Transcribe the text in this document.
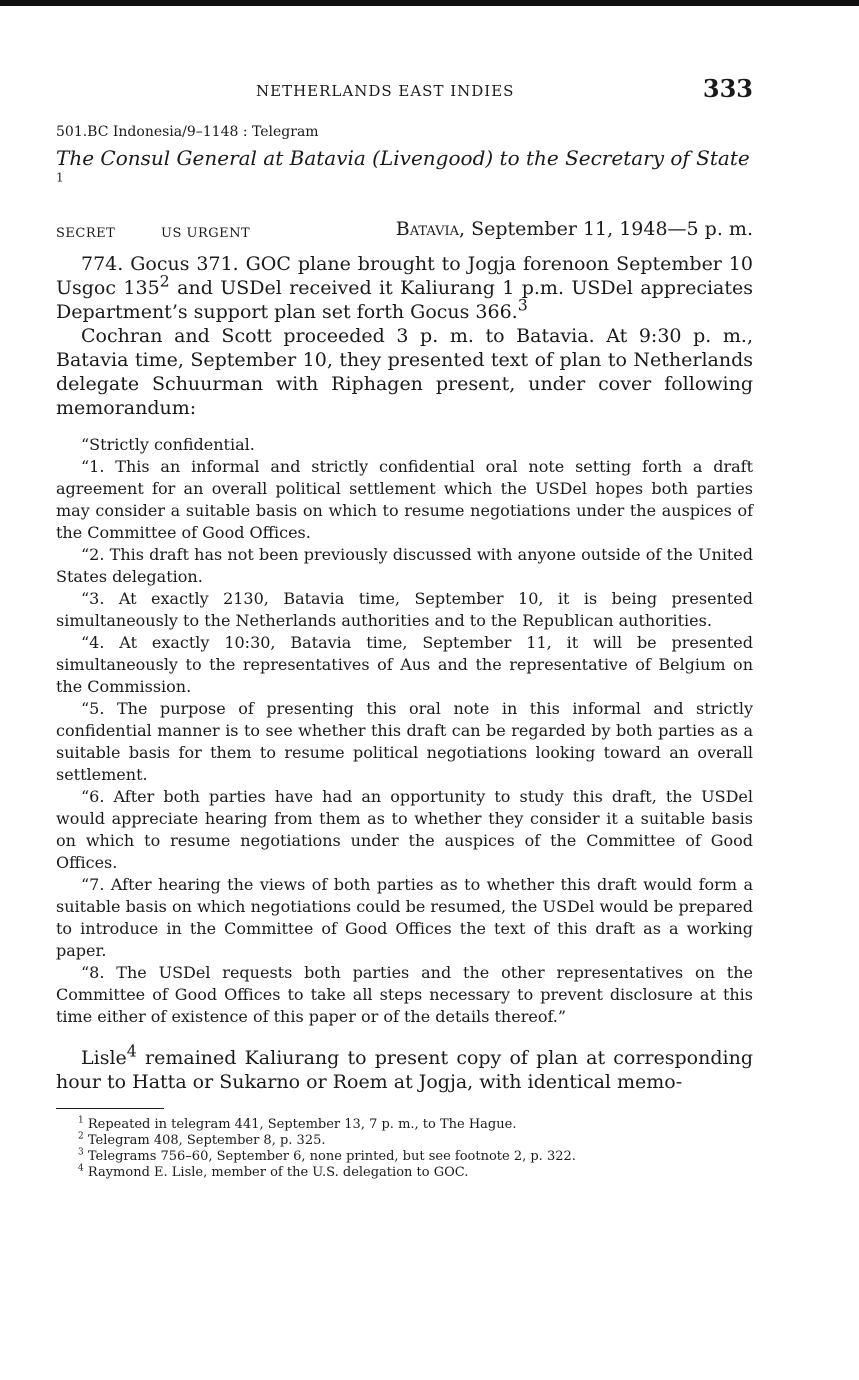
NETHERLANDS EAST INDIES	333
501.BC Indonesia/9–1148 : Telegram
The Consul General at Batavia (Livengood) to the Secretary of State $^1$
SECRET	US URGENT	Batavia, September 11, 1948—5 p. m.

774. Gocus 371. GOC plane brought to Jogja forenoon September 10 Usgoc $135^2$ and USDel received it Kaliurang 1 p.m. USDel appreciates Department’s support plan set forth Gocus 366.$^3$

Cochran and Scott proceeded 3 p. m. to Batavia. At 9:30 p. m., Batavia time, September 10, they presented text of plan to Netherlands delegate Schuurman with Riphagen present, under cover following memorandum:

“Strictly confidential.

“1. This an informal and strictly confidential oral note setting forth a draft agreement for an overall political settlement which the USDel hopes both parties may consider a suitable basis on which to resume negotiations under the auspices of the Committee of Good Offices.

“2. This draft has not been previously discussed with anyone outside of the United States delegation.

“3. At exactly 2130, Batavia time, September 10, it is being presented simultaneously to the Netherlands authorities and to the Republican authorities.

“4. At exactly 10:30, Batavia time, September 11, it will be presented simultaneously to the representatives of Aus and the representative of Belgium on the Commission.

“5. The purpose of presenting this oral note in this informal and strictly confidential manner is to see whether this draft can be regarded by both parties as a suitable basis for them to resume political negotiations looking toward an overall settlement.

“6. After both parties have had an opportunity to study this draft, the USDel would appreciate hearing from them as to whether they consider it a suitable basis on which to resume negotiations under the auspices of the Committee of Good Offices.

“7. After hearing the views of both parties as to whether this draft would form a suitable basis on which negotiations could be resumed, the USDel would be prepared to introduce in the Committee of Good Offices the text of this draft as a working paper.

“8. The USDel requests both parties and the other representatives on the Committee of Good Offices to take all steps necessary to prevent disclosure at this time either of existence of this paper or of the details thereof.”

Lisle$^4$ remained Kaliurang to present copy of plan at corresponding hour to Hatta or Sukarno or Roem at Jogja, with identical memo-

$^1$ Repeated in telegram 441, September 13, 7 p. m., to The Hague.
$^2$ Telegram 408, September 8, p. 325.
$^3$ Telegrams 756–60, September 6, none printed, but see footnote 2, p. 322.
$^4$ Raymond E. Lisle, member of the U.S. delegation to GOC.
